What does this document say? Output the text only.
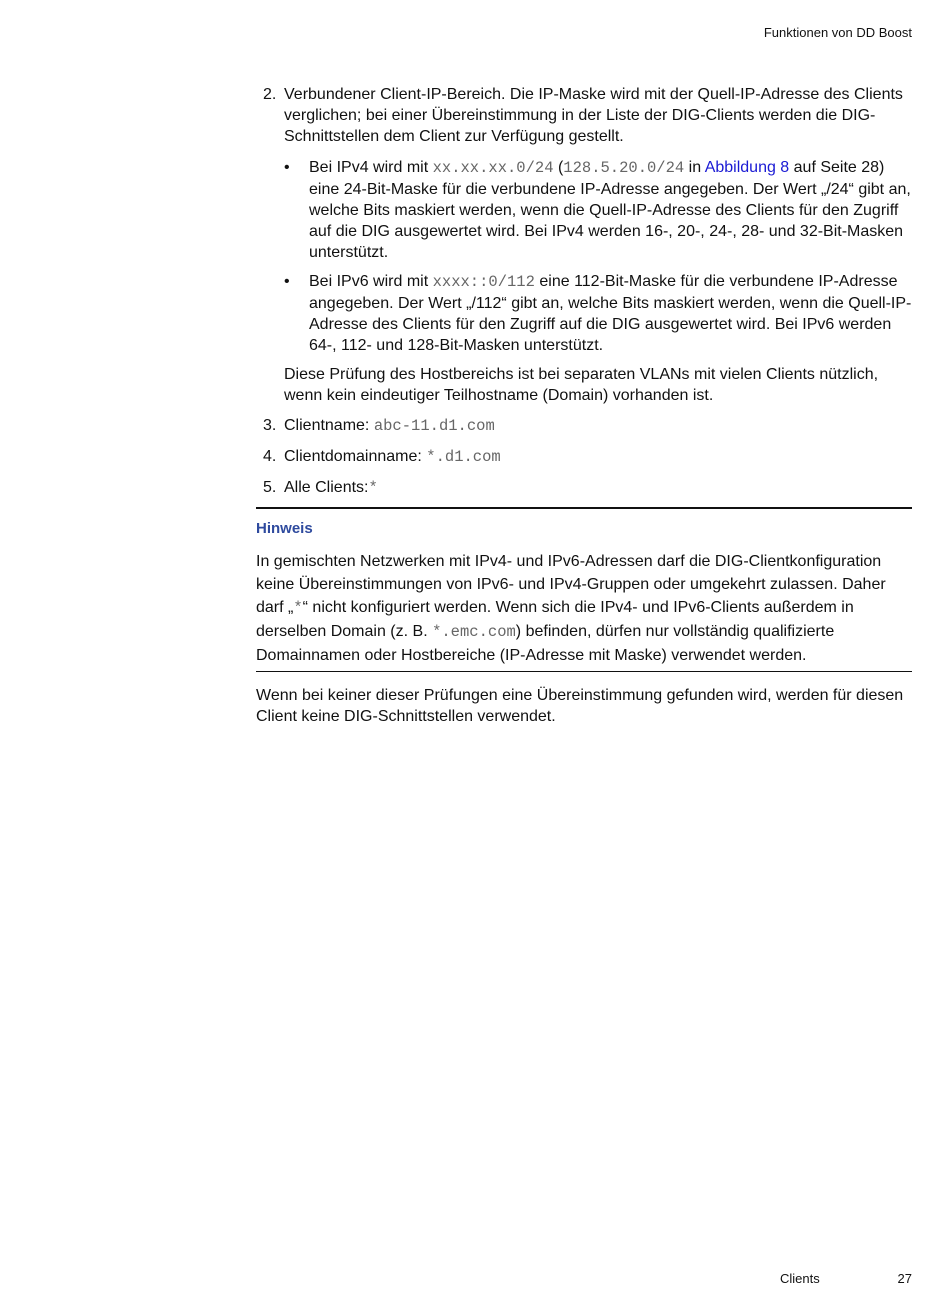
Funktionen von DD Boost
2. Verbundener Client-IP-Bereich. Die IP-Maske wird mit der Quell-IP-Adresse des Clients verglichen; bei einer Übereinstimmung in der Liste der DIG-Clients werden die DIG-Schnittstellen dem Client zur Verfügung gestellt.
• Bei IPv4 wird mit xx.xx.xx.0/24 (128.5.20.0/24 in Abbildung 8 auf Seite 28) eine 24-Bit-Maske für die verbundene IP-Adresse angegeben. Der Wert „/24“ gibt an, welche Bits maskiert werden, wenn die Quell-IP-Adresse des Clients für den Zugriff auf die DIG ausgewertet wird. Bei IPv4 werden 16-, 20-, 24-, 28- und 32-Bit-Masken unterstützt.
• Bei IPv6 wird mit xxxx::0/112 eine 112-Bit-Maske für die verbundene IP-Adresse angegeben. Der Wert „/112“ gibt an, welche Bits maskiert werden, wenn die Quell-IP-Adresse des Clients für den Zugriff auf die DIG ausgewertet wird. Bei IPv6 werden 64-, 112- und 128-Bit-Masken unterstützt.
Diese Prüfung des Hostbereichs ist bei separaten VLANs mit vielen Clients nützlich, wenn kein eindeutiger Teilhostname (Domain) vorhanden ist.
3. Clientname: abc-11.d1.com
4. Clientdomainname: *.d1.com
5. Alle Clients:*
Hinweis
In gemischten Netzwerken mit IPv4- und IPv6-Adressen darf die DIG-Clientkonfiguration keine Übereinstimmungen von IPv6- und IPv4-Gruppen oder umgekehrt zulassen. Daher darf „*“ nicht konfiguriert werden. Wenn sich die IPv4- und IPv6-Clients außerdem in derselben Domain (z. B. *.emc.com) befinden, dürfen nur vollständig qualifizierte Domainnamen oder Hostbereiche (IP-Adresse mit Maske) verwendet werden.
Wenn bei keiner dieser Prüfungen eine Übereinstimmung gefunden wird, werden für diesen Client keine DIG-Schnittstellen verwendet.
Clients	27
